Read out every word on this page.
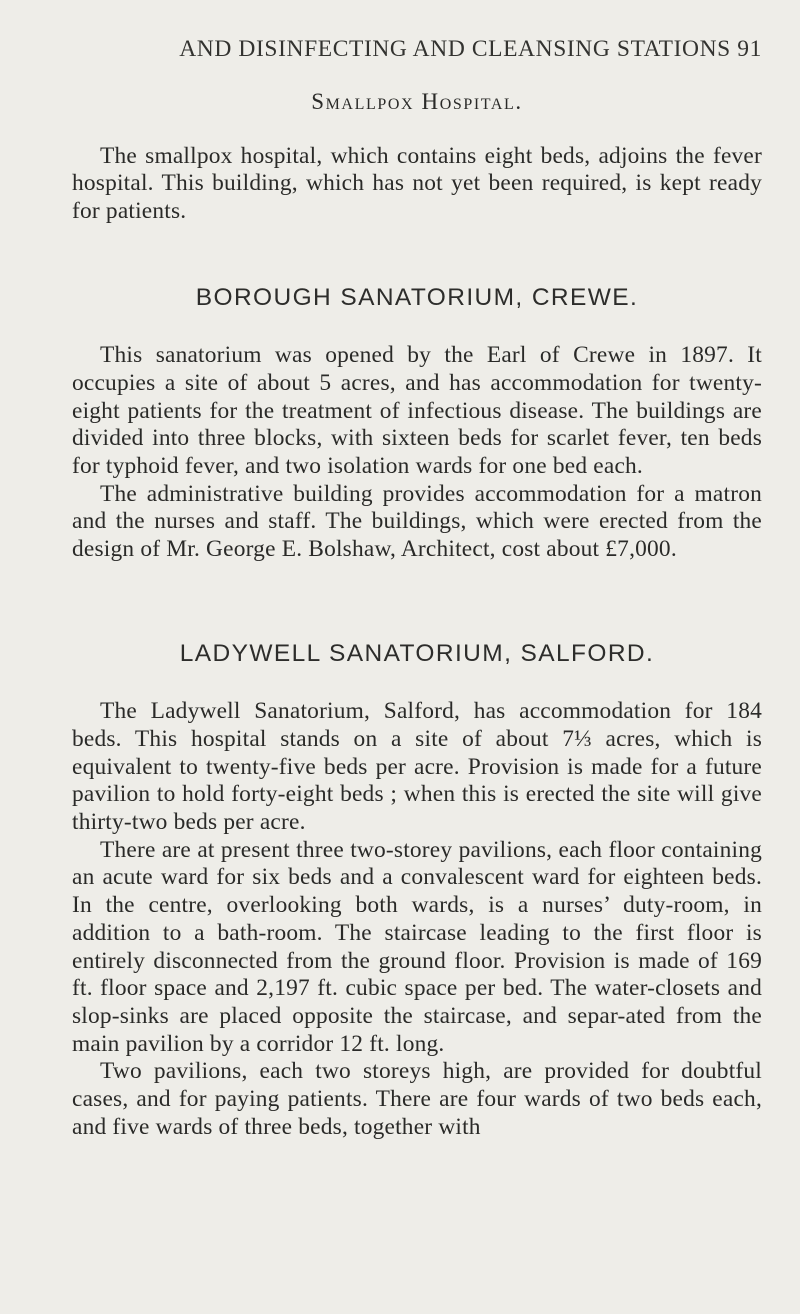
AND DISINFECTING AND CLEANSING STATIONS 91
Smallpox Hospital.

The smallpox hospital, which contains eight beds, adjoins the fever hospital. This building, which has not yet been required, is kept ready for patients.

BOROUGH SANATORIUM, CREWE.

This sanatorium was opened by the Earl of Crewe in 1897. It occupies a site of about 5 acres, and has accommodation for twenty-eight patients for the treatment of infectious disease. The buildings are divided into three blocks, with sixteen beds for scarlet fever, ten beds for typhoid fever, and two isolation wards for one bed each.

The administrative building provides accommodation for a matron and the nurses and staff. The buildings, which were erected from the design of Mr. George E. Bolshaw, Architect, cost about £7,000.

LADYWELL SANATORIUM, SALFORD.

The Ladywell Sanatorium, Salford, has accommodation for 184 beds. This hospital stands on a site of about 7⅓ acres, which is equivalent to twenty-five beds per acre. Provision is made for a future pavilion to hold forty-eight beds ; when this is erected the site will give thirty-two beds per acre.

There are at present three two-storey pavilions, each floor containing an acute ward for six beds and a convalescent ward for eighteen beds. In the centre, overlooking both wards, is a nurses’ duty-room, in addition to a bath-room. The staircase leading to the first floor is entirely disconnected from the ground floor. Provision is made of 169 ft. floor space and 2,197 ft. cubic space per bed. The water-closets and slop-sinks are placed opposite the staircase, and separ-ated from the main pavilion by a corridor 12 ft. long.

Two pavilions, each two storeys high, are provided for doubtful cases, and for paying patients. There are four wards of two beds each, and five wards of three beds, together with
